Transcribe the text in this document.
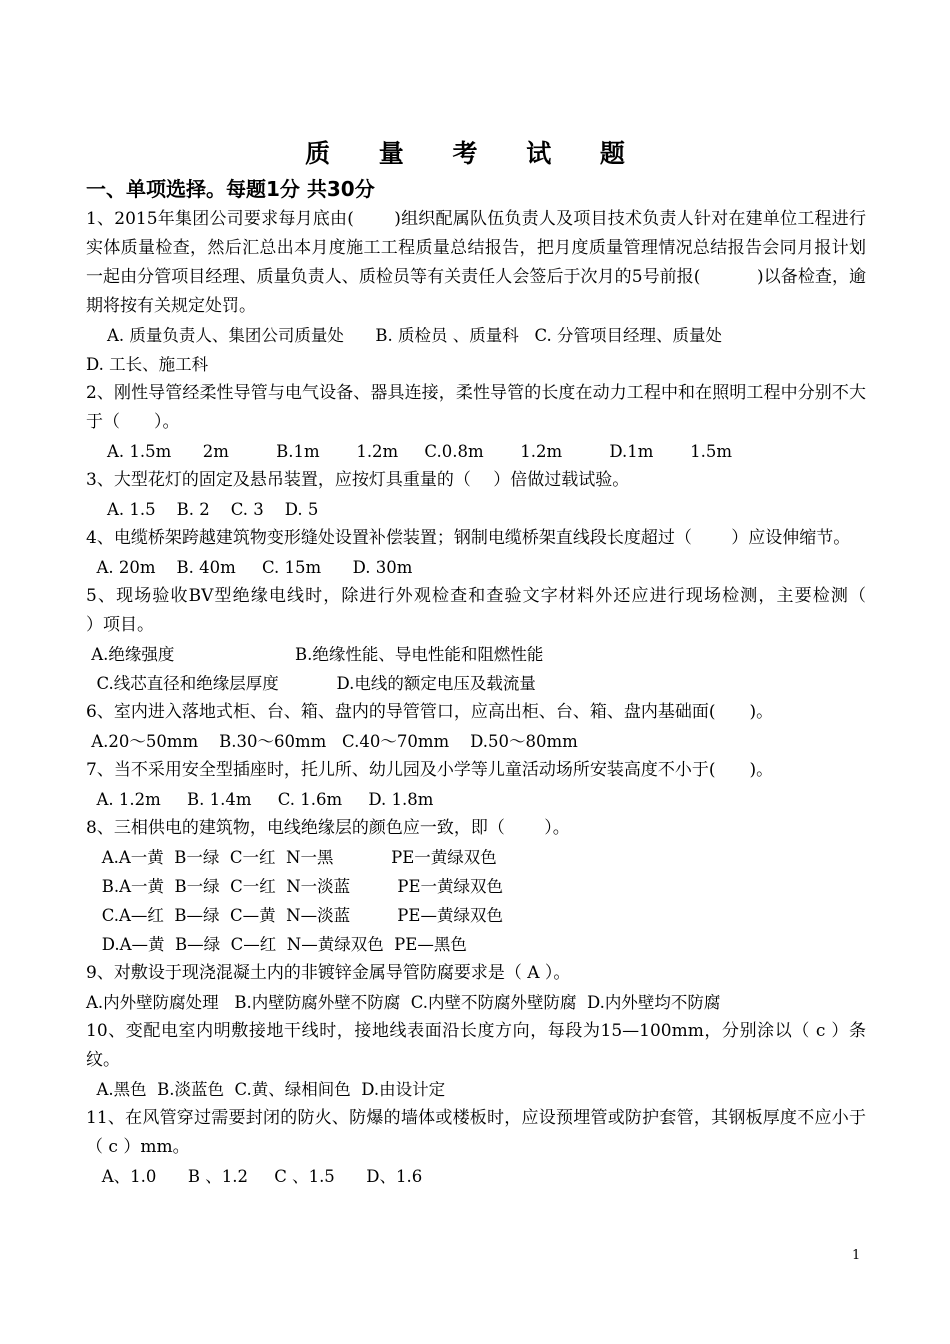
质 量 考 试 题
一、单项选择。每题1分 共30分

1、2015年集团公司要求每月底由(　　 )组织配属队伍负责人及项目技术负责人针对在建单位工程进行实体质量检查，然后汇总出本月度施工工程质量总结报告，把月度质量管理情况总结报告会同月报计划一起由分管项目经理、质量负责人、质检员等有关责任人会签后于次月的5号前报(　　　 )以备检查，逾期将按有关规定处罚。

A. 质量负责人、集团公司质量处      B. 质检员 、质量科   C. 分管项目经理、质量处

D. 工长、施工科

2、刚性导管经柔性导管与电气设备、器具连接，柔性导管的长度在动力工程中和在照明工程中分别不大于（　　）。

A. 1.5m      2m         B.1m       1.2m     C.0.8m       1.2m         D.1m       1.5m

3、大型花灯的固定及悬吊装置，应按灯具重量的（　 ）倍做过载试验。

A. 1.5    B. 2    C. 3    D. 5

4、电缆桥架跨越建筑物变形缝处设置补偿装置；钢制电缆桥架直线段长度超过（　　 ）应设伸缩节。

A. 20m    B. 40m     C. 15m      D. 30m

5、现场验收BV型绝缘电线时，除进行外观检查和查验文字材料外还应进行现场检测，主要检测（　　 ）项目。

A.绝缘强度                       B.绝缘性能、导电性能和阻燃性能

C.线芯直径和绝缘层厚度           D.电线的额定电压及载流量

6、室内进入落地式柜、台、箱、盘内的导管管口，应高出柜、台、箱、盘内基础面(　　)。

A.20～50mm    B.30～60mm   C.40～70mm    D.50～80mm

7、当不采用安全型插座时，托儿所、幼儿园及小学等儿童活动场所安装高度不小于(　　)。

A. 1.2m     B. 1.4m     C. 1.6m     D. 1.8m

8、三相供电的建筑物，电线绝缘层的颜色应一致，即（　　 ）。

A.A一黄  B一绿  C一红  N一黑           PE一黄绿双色

B.A一黄  B一绿  C一红  N一淡蓝         PE一黄绿双色

C.A—红  B—绿  C—黄  N—淡蓝         PE—黄绿双色

D.A—黄  B—绿  C—红  N—黄绿双色  PE—黑色

9、对敷设于现浇混凝土内的非镀锌金属导管防腐要求是（ A ）。

A.内外壁防腐处理   B.内壁防腐外壁不防腐  C.内壁不防腐外壁防腐  D.内外壁均不防腐

10、变配电室内明敷接地干线时，接地线表面沿长度方向，每段为15—100mm，分别涂以（ c ）条纹。

A.黑色  B.淡蓝色  C.黄、绿相间色  D.由设计定

11、在风管穿过需要封闭的防火、防爆的墙体或楼板时，应设预埋管或防护套管，其钢板厚度不应小于 （ c ）mm。

A、1.0      B 、1.2     C 、1.5      D、1.6

1
